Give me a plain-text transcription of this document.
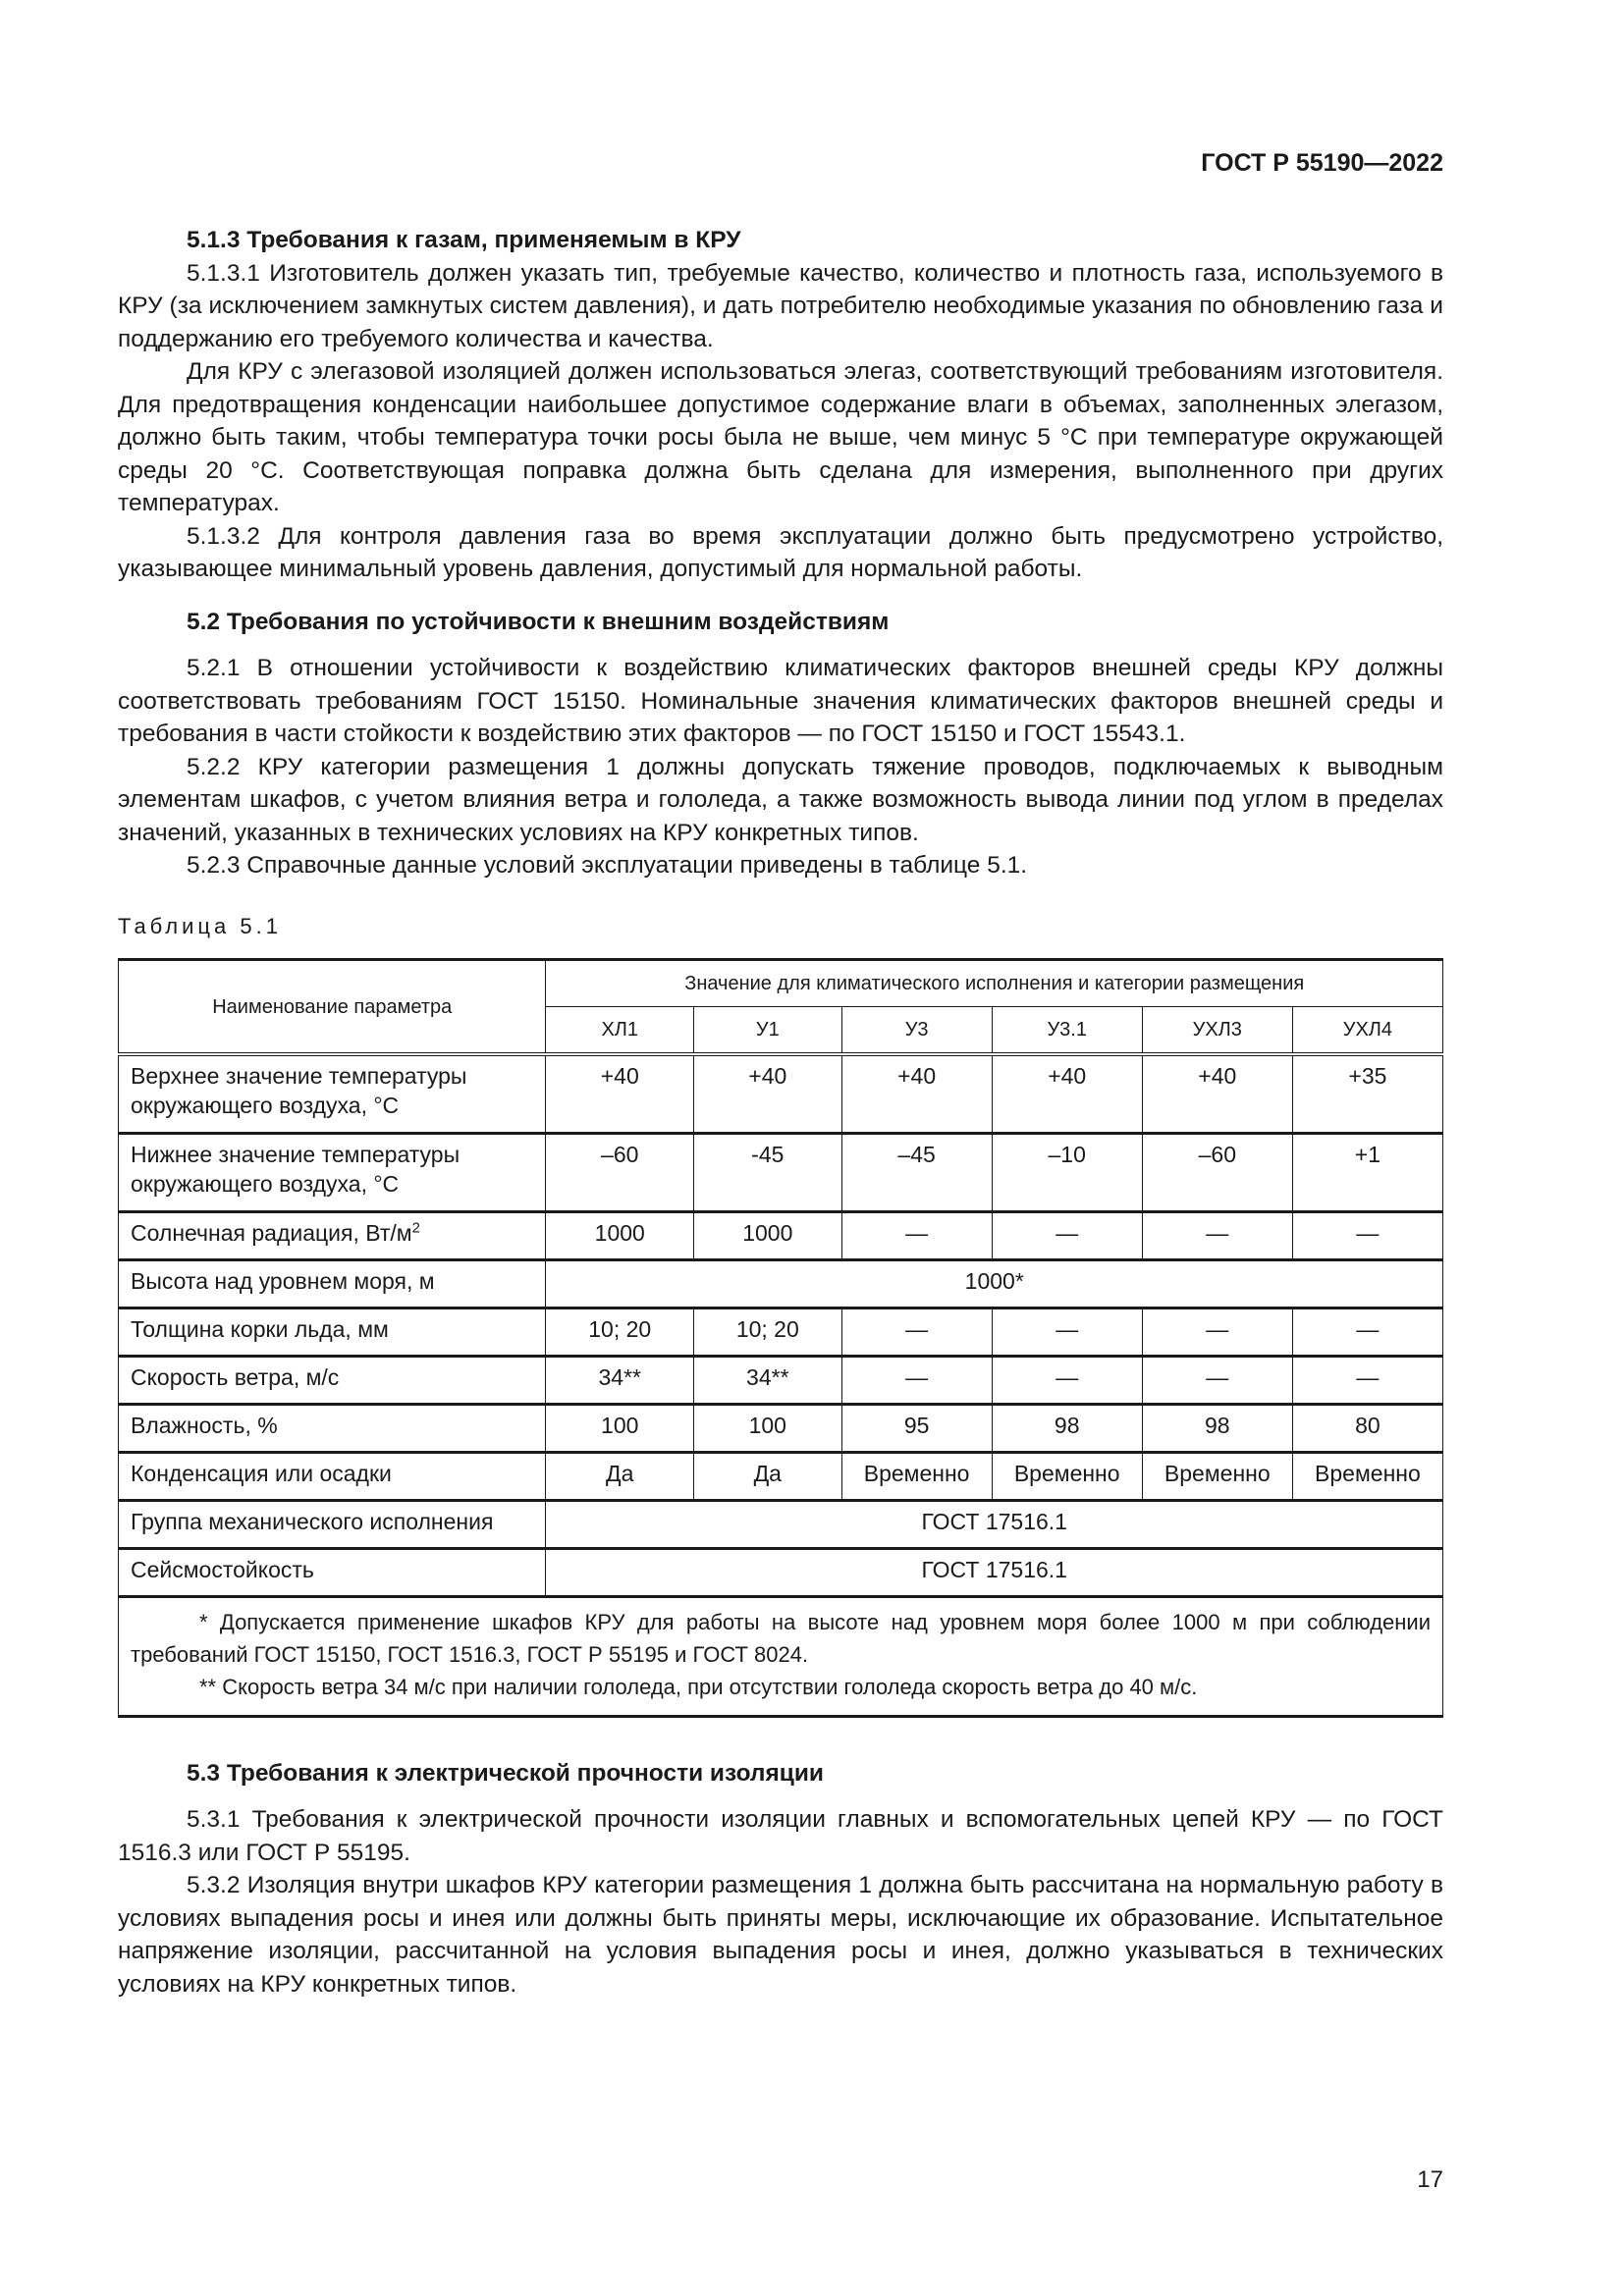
ГОСТ Р 55190—2022

5.1.3 Требования к газам, применяемым в КРУ

5.1.3.1 Изготовитель должен указать тип, требуемые качество, количество и плотность газа, используемого в КРУ (за исключением замкнутых систем давления), и дать потребителю необходимые указания по обновлению газа и поддержанию его требуемого количества и качества.

Для КРУ с элегазовой изоляцией должен использоваться элегаз, соответствующий требованиям изготовителя. Для предотвращения конденсации наибольшее допустимое содержание влаги в объемах, заполненных элегазом, должно быть таким, чтобы температура точки росы была не выше, чем минус 5 °С при температуре окружающей среды 20 °С. Соответствующая поправка должна быть сделана для измерения, выполненного при других температурах.

5.1.3.2 Для контроля давления газа во время эксплуатации должно быть предусмотрено устройство, указывающее минимальный уровень давления, допустимый для нормальной работы.

5.2 Требования по устойчивости к внешним воздействиям

5.2.1 В отношении устойчивости к воздействию климатических факторов внешней среды КРУ должны соответствовать требованиям ГОСТ 15150. Номинальные значения климатических факторов внешней среды и требования в части стойкости к воздействию этих факторов — по ГОСТ 15150 и ГОСТ 15543.1.

5.2.2 КРУ категории размещения 1 должны допускать тяжение проводов, подключаемых к выводным элементам шкафов, с учетом влияния ветра и гололеда, а также возможность вывода линии под углом в пределах значений, указанных в технических условиях на КРУ конкретных типов.

5.2.3 Справочные данные условий эксплуатации приведены в таблице 5.1.

Таблица 5.1
Наименование параметра	Значение для климатического исполнения и категории размещения					
	ХЛ1	У1	У3	У3.1	УХЛ3	УХЛ4
Верхнее значение температуры окружающего воздуха, °С	+40	+40	+40	+40	+40	+35
Нижнее значение температуры окружающего воздуха, °С	–60	-45	–45	–10	–60	+1
Солнечная радиация, $Вт/м^2$	1000	1000	—	—	—	—
Высота над уровнем моря, м	1000*					
Толщина корки льда, мм	10; 20	10; 20	—	—	—	—
Скорость ветра, м/с	34**	34**	—	—	—	—
Влажность, %	100	100	95	98	98	80
Конденсация или осадки	Да	Да	Временно	Временно	Временно	Временно
Группа механического исполнения	ГОСТ 17516.1					
Сейсмостойкость	ГОСТ 17516.1					

* Допускается применение шкафов КРУ для работы на высоте над уровнем моря более 1000 м при соблюдении требований ГОСТ 15150, ГОСТ 1516.3, ГОСТ Р 55195 и ГОСТ 8024.

** Скорость ветра 34 м/с при наличии гололеда, при отсутствии гололеда скорость ветра до 40 м/с.						

5.3 Требования к электрической прочности изоляции

5.3.1 Требования к электрической прочности изоляции главных и вспомогательных цепей КРУ — по ГОСТ 1516.3 или ГОСТ Р 55195.

5.3.2 Изоляция внутри шкафов КРУ категории размещения 1 должна быть рассчитана на нормальную работу в условиях выпадения росы и инея или должны быть приняты меры, исключающие их образование. Испытательное напряжение изоляции, рассчитанной на условия выпадения росы и инея, должно указываться в технических условиях на КРУ конкретных типов.

17
